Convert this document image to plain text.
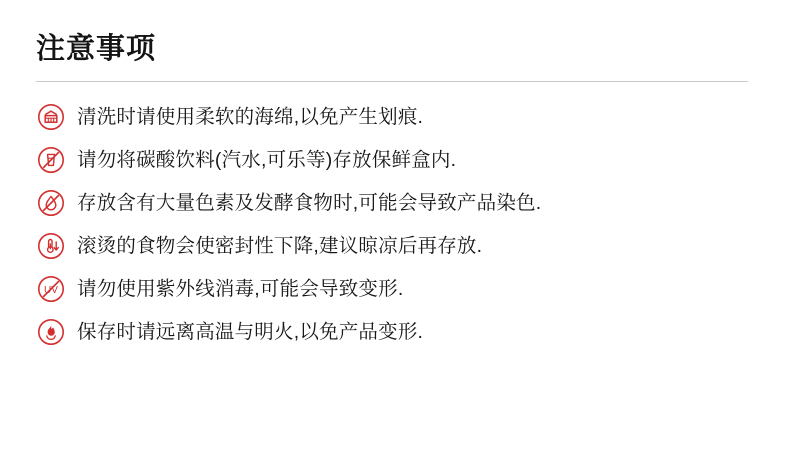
注意事项
清洗时请使用柔软的海绵,以免产生划痕.
请勿将碳酸饮料(汽水,可乐等)存放保鲜盒内.
存放含有大量色素及发酵食物时,可能会导致产品染色.
滚烫的食物会使密封性下降,建议晾凉后再存放.
UV 请勿使用紫外线消毒,可能会导致变形.
保存时请远离高温与明火,以免产品变形.
